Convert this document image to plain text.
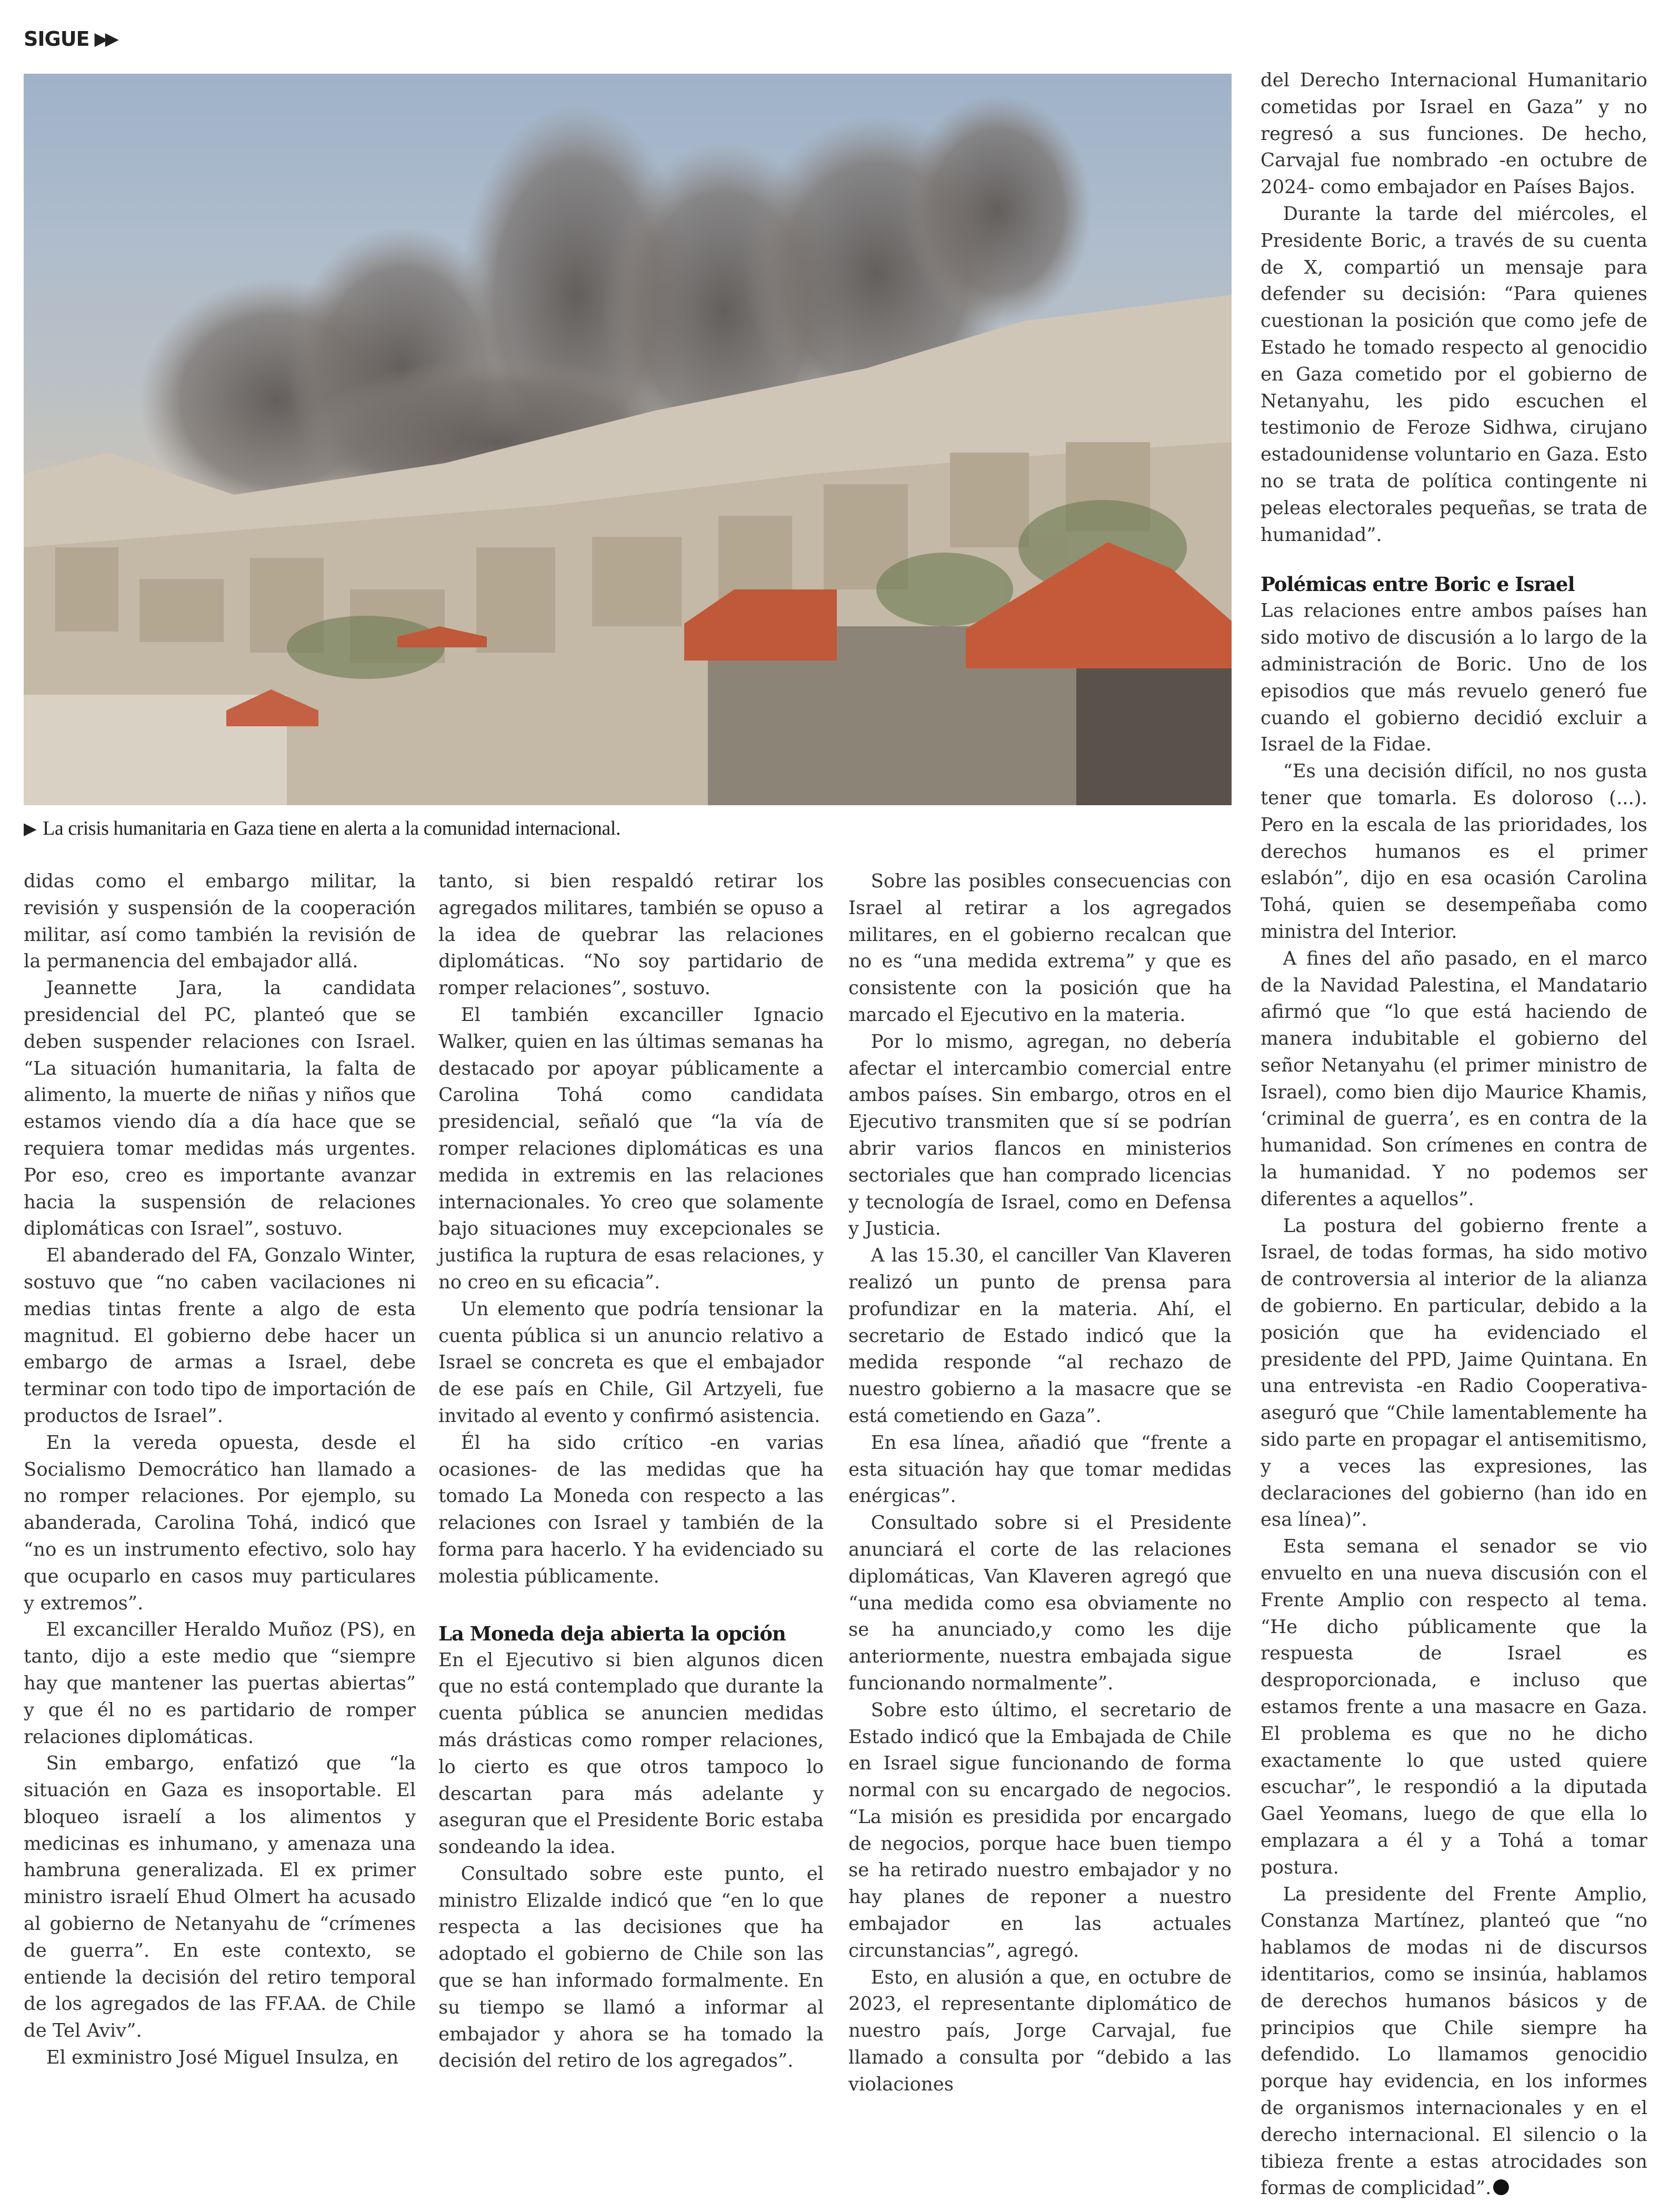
SIGUE ▶▶
▶ La crisis humanitaria en Gaza tiene en alerta a la comunidad internacional.

didas como el embargo militar, la revisión y suspensión de la cooperación militar, así como también la revisión de la permanencia del embajador allá.

Jeannette Jara, la candidata presidencial del PC, planteó que se deben suspender relaciones con Israel. “La situación humanitaria, la falta de alimento, la muerte de niñas y niños que estamos viendo día a día hace que se requiera tomar medidas más urgentes. Por eso, creo es importante avanzar hacia la suspensión de relaciones diplomáticas con Israel”, sostuvo.

El abanderado del FA, Gonzalo Winter, sostuvo que “no caben vacilaciones ni medias tintas frente a algo de esta magnitud. El gobierno debe hacer un embargo de armas a Israel, debe terminar con todo tipo de importación de productos de Israel”.

En la vereda opuesta, desde el Socialismo Democrático han llamado a no romper relaciones. Por ejemplo, su abanderada, Carolina Tohá, indicó que “no es un instrumento efectivo, solo hay que ocuparlo en casos muy particulares y extremos”.

El excanciller Heraldo Muñoz (PS), en tanto, dijo a este medio que “siempre hay que mantener las puertas abiertas” y que él no es partidario de romper relaciones diplomáticas.

Sin embargo, enfatizó que “la situación en Gaza es insoportable. El bloqueo israelí a los alimentos y medicinas es inhumano, y amenaza una hambruna generalizada. El ex primer ministro israelí Ehud Olmert ha acusado al gobierno de Netanyahu de “crímenes de guerra”. En este contexto, se entiende la decisión del retiro temporal de los agregados de las FF.AA. de Chile de Tel Aviv”.

El exministro José Miguel Insulza, en

tanto, si bien respaldó retirar los agregados militares, también se opuso a la idea de quebrar las relaciones diplomáticas. “No soy partidario de romper relaciones”, sostuvo.

El también excanciller Ignacio Walker, quien en las últimas semanas ha destacado por apoyar públicamente a Carolina Tohá como candidata presidencial, señaló que “la vía de romper relaciones diplomáticas es una medida in extremis en las relaciones internacionales. Yo creo que solamente bajo situaciones muy excepcionales se justifica la ruptura de esas relaciones, y no creo en su eficacia”.

Un elemento que podría tensionar la cuenta pública si un anuncio relativo a Israel se concreta es que el embajador de ese país en Chile, Gil Artzyeli, fue invitado al evento y confirmó asistencia.

Él ha sido crítico -en varias ocasiones- de las medidas que ha tomado La Moneda con respecto a las relaciones con Israel y también de la forma para hacerlo. Y ha evidenciado su molestia públicamente.

La Moneda deja abierta la opción

En el Ejecutivo si bien algunos dicen que no está contemplado que durante la cuenta pública se anuncien medidas más drásticas como romper relaciones, lo cierto es que otros tampoco lo descartan para más adelante y aseguran que el Presidente Boric estaba sondeando la idea.

Consultado sobre este punto, el ministro Elizalde indicó que “en lo que respecta a las decisiones que ha adoptado el gobierno de Chile son las que se han informado formalmente. En su tiempo se llamó a informar al embajador y ahora se ha tomado la decisión del retiro de los agregados”.

Sobre las posibles consecuencias con Israel al retirar a los agregados militares, en el gobierno recalcan que no es “una medida extrema” y que es consistente con la posición que ha marcado el Ejecutivo en la materia.

Por lo mismo, agregan, no debería afectar el intercambio comercial entre ambos países. Sin embargo, otros en el Ejecutivo transmiten que sí se podrían abrir varios flancos en ministerios sectoriales que han comprado licencias y tecnología de Israel, como en Defensa y Justicia.

A las 15.30, el canciller Van Klaveren realizó un punto de prensa para profundizar en la materia. Ahí, el secretario de Estado indicó que la medida responde “al rechazo de nuestro gobierno a la masacre que se está cometiendo en Gaza”.

En esa línea, añadió que “frente a esta situación hay que tomar medidas enérgicas”.

Consultado sobre si el Presidente anunciará el corte de las relaciones diplomáticas, Van Klaveren agregó que “una medida como esa obviamente no se ha anunciado,y como les dije anteriormente, nuestra embajada sigue funcionando normalmente”.

Sobre esto último, el secretario de Estado indicó que la Embajada de Chile en Israel sigue funcionando de forma normal con su encargado de negocios. “La misión es presidida por encargado de negocios, porque hace buen tiempo se ha retirado nuestro embajador y no hay planes de reponer a nuestro embajador en las actuales circunstancias”, agregó.

Esto, en alusión a que, en octubre de 2023, el representante diplomático de nuestro país, Jorge Carvajal, fue llamado a consulta por “debido a las violaciones

del Derecho Internacional Humanitario cometidas por Israel en Gaza” y no regresó a sus funciones. De hecho, Carvajal fue nombrado -en octubre de 2024- como embajador en Países Bajos.

Durante la tarde del miércoles, el Presidente Boric, a través de su cuenta de X, compartió un mensaje para defender su decisión: “Para quienes cuestionan la posición que como jefe de Estado he tomado respecto al genocidio en Gaza cometido por el gobierno de Netanyahu, les pido escuchen el testimonio de Feroze Sidhwa, cirujano estadounidense voluntario en Gaza. Esto no se trata de política contingente ni peleas electorales pequeñas, se trata de humanidad”.

Polémicas entre Boric e Israel

Las relaciones entre ambos países han sido motivo de discusión a lo largo de la administración de Boric. Uno de los episodios que más revuelo generó fue cuando el gobierno decidió excluir a Israel de la Fidae.

“Es una decisión difícil, no nos gusta tener que tomarla. Es doloroso (...). Pero en la escala de las prioridades, los derechos humanos es el primer eslabón”, dijo en esa ocasión Carolina Tohá, quien se desempeñaba como ministra del Interior.

A fines del año pasado, en el marco de la Navidad Palestina, el Mandatario afirmó que “lo que está haciendo de manera indubitable el gobierno del señor Netanyahu (el primer ministro de Israel), como bien dijo Maurice Khamis, ‘criminal de guerra’, es en contra de la humanidad. Son crímenes en contra de la humanidad. Y no podemos ser diferentes a aquellos”.

La postura del gobierno frente a Israel, de todas formas, ha sido motivo de controversia al interior de la alianza de gobierno. En particular, debido a la posición que ha evidenciado el presidente del PPD, Jaime Quintana. En una entrevista -en Radio Cooperativa- aseguró que “Chile lamentablemente ha sido parte en propagar el antisemitismo, y a veces las expresiones, las declaraciones del gobierno (han ido en esa línea)”.

Esta semana el senador se vio envuelto en una nueva discusión con el Frente Amplio con respecto al tema. “He dicho públicamente que la respuesta de Israel es desproporcionada, e incluso que estamos frente a una masacre en Gaza. El problema es que no he dicho exactamente lo que usted quiere escuchar”, le respondió a la diputada Gael Yeomans, luego de que ella lo emplazara a él y a Tohá a tomar postura.

La presidente del Frente Amplio, Constanza Martínez, planteó que “no hablamos de modas ni de discursos identitarios, como se insinúa, hablamos de derechos humanos básicos y de principios que Chile siempre ha defendido. Lo llamamos genocidio porque hay evidencia, en los informes de organismos internacionales y en el derecho internacional. El silencio o la tibieza frente a estas atrocidades son formas de complicidad”.
